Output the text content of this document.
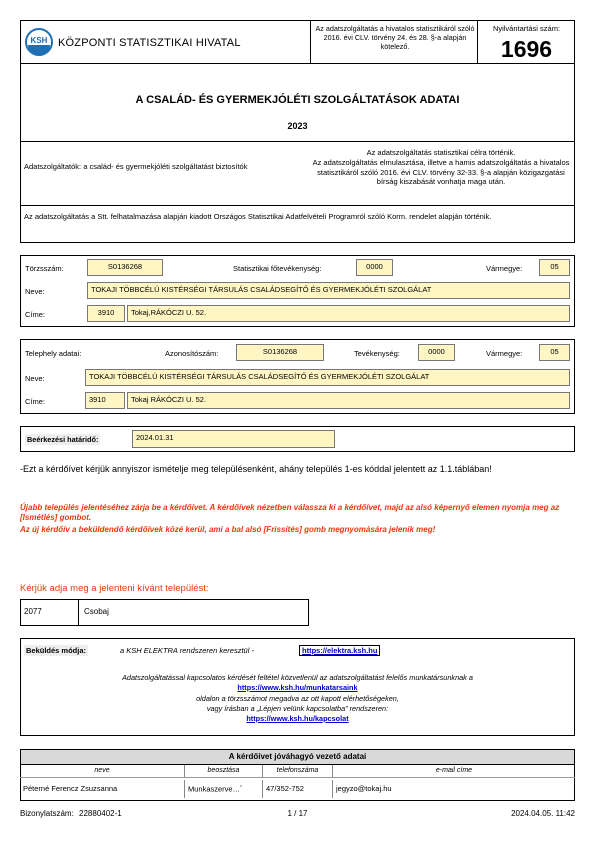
KSH KÖZPONTI STATISZTIKAI HIVATAL
Az adatszolgáltatás a hivatalos statisztikáról szóló 2016. évi CLV. törvény 24. és 28. §-a alapján kötelező.
Nyilvántartási szám:
1696
A CSALÁD- ÉS GYERMEKJÓLÉTI SZOLGÁLTATÁSOK ADATAI
2023
Adatszolgáltatók: a család- és gyermekjóléti szolgáltatást biztosítók
Az adatszolgáltatás statisztikai célra történik.
Az adatszolgáltatás elmulasztása, illetve a hamis adatszolgáltatás a hivatalos statisztikáról szóló 2016. évi CLV. törvény 32-33. §-a alapján közigazgatási bírság kiszabását vonhatja maga után.
Az adatszolgáltatás a Stt. felhatalmazása alapján kiadott Országos Statisztikai Adatfelvételi Programról szóló Korm. rendelet alapján történik.
Törzsszám:	S0136268	Statisztikai főtevékenység:	0000	Vármegye:	05
Neve:	TOKAJI TÖBBCÉLÚ KISTÉRSÉGI TÁRSULÁS CSALÁDSEGÍTŐ ÉS GYERMEKJÓLÉTI SZOLGÁLAT
Címe:	3910	Tokaj,RÁKÓCZI U. 52.
Telephely adatai:	Azonosítószám:	S0136268	Tevékenység:	0000	Vármegye:	05
Neve:	TOKAJI TÖBBCÉLÚ KISTÉRSÉGI TÁRSULÁS CSALÁDSEGÍTŐ ÉS GYERMEKJÓLÉTI SZOLGÁLAT
Címe:	3910	Tokaj RÁKÓCZI U. 52.
Beérkezési határidő:	2024.01.31
-Ezt a kérdőívet kérjük annyiszor ismételje meg településenként, ahány település 1-es kóddal jelentett az 1.1.táblában!
Újabb település jelentéséhez zárja be a kérdőívet. A kérdőívek nézetben válassza ki a kérdőívet, majd az alsó képernyő elemen nyomja meg az [Ismétlés] gombot.
Az új kérdőív a beküldendő kérdőívek közé kerül, ami a bal alsó [Frissítés] gomb megnyomására jelenik meg!
Kérjük adja meg a jelenteni kívánt települést:
2077	Csobaj
Beküldés módja:	a KSH ELEKTRA rendszeren keresztül -	https://elektra.ksh.hu
Adatszolgáltatással kapcsolatos kérdését feltétel közvetlenül az adatszolgáltatást felelős munkatársunknak a
https://www.ksh.hu/munkatarsaink
oldalon a törzsszámot megadva az ott kapott elérhetőségeken,
vagy írásban a „Lépjen velünk kapcsolatba” rendszeren:
https://www.ksh.hu/kapcsolat
A kérdőívet jóváhagyó vezető adatai
neve	beosztása	telefonszáma	e-mail címe
Péterné Ferencz Zsuzsanna	Munkaszerve…$^{^1}$	47/352-752	jegyzo@tokaj.hu
Bizonylatszám: 22880402-1	1 / 17	2024.04.05. 11:42
